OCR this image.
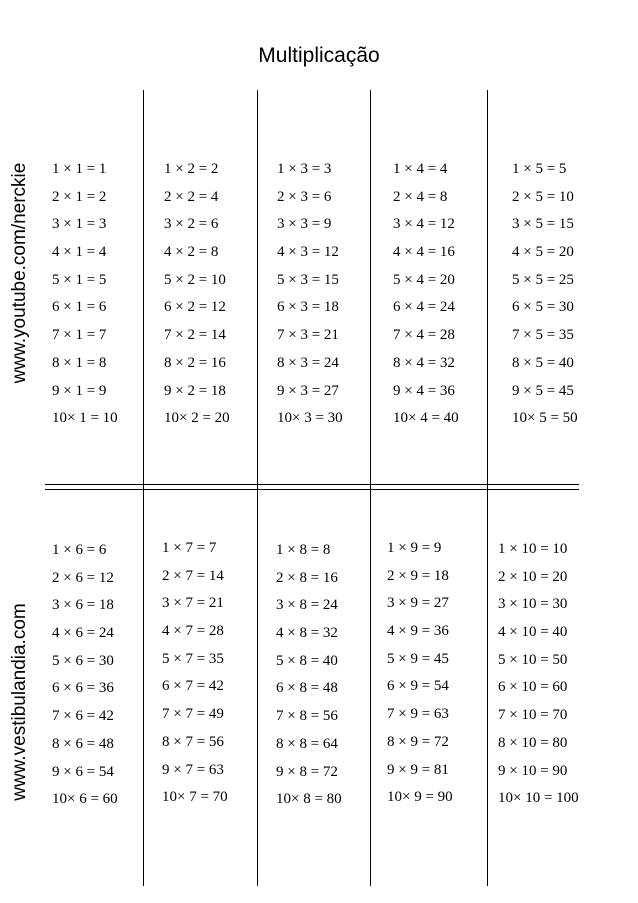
Multiplicação
www.youtube.com/nerckie
www.vestibulandia.com
1 × 1 = 1
2 × 1 = 2
3 × 1 = 3
4 × 1 = 4
5 × 1 = 5
6 × 1 = 6
7 × 1 = 7
8 × 1 = 8
9 × 1 = 9
10× 1 = 10
1 × 2 = 2
2 × 2 = 4
3 × 2 = 6
4 × 2 = 8
5 × 2 = 10
6 × 2 = 12
7 × 2 = 14
8 × 2 = 16
9 × 2 = 18
10× 2 = 20
1 × 3 = 3
2 × 3 = 6
3 × 3 = 9
4 × 3 = 12
5 × 3 = 15
6 × 3 = 18
7 × 3 = 21
8 × 3 = 24
9 × 3 = 27
10× 3 = 30
1 × 4 = 4
2 × 4 = 8
3 × 4 = 12
4 × 4 = 16
5 × 4 = 20
6 × 4 = 24
7 × 4 = 28
8 × 4 = 32
9 × 4 = 36
10× 4 = 40
1 × 5 = 5
2 × 5 = 10
3 × 5 = 15
4 × 5 = 20
5 × 5 = 25
6 × 5 = 30
7 × 5 = 35
8 × 5 = 40
9 × 5 = 45
10× 5 = 50
1 × 6 = 6
2 × 6 = 12
3 × 6 = 18
4 × 6 = 24
5 × 6 = 30
6 × 6 = 36
7 × 6 = 42
8 × 6 = 48
9 × 6 = 54
10× 6 = 60
1 × 7 = 7
2 × 7 = 14
3 × 7 = 21
4 × 7 = 28
5 × 7 = 35
6 × 7 = 42
7 × 7 = 49
8 × 7 = 56
9 × 7 = 63
10× 7 = 70
1 × 8 = 8
2 × 8 = 16
3 × 8 = 24
4 × 8 = 32
5 × 8 = 40
6 × 8 = 48
7 × 8 = 56
8 × 8 = 64
9 × 8 = 72
10× 8 = 80
1 × 9 = 9
2 × 9 = 18
3 × 9 = 27
4 × 9 = 36
5 × 9 = 45
6 × 9 = 54
7 × 9 = 63
8 × 9 = 72
9 × 9 = 81
10× 9 = 90
1 × 10 = 10
2 × 10 = 20
3 × 10 = 30
4 × 10 = 40
5 × 10 = 50
6 × 10 = 60
7 × 10 = 70
8 × 10 = 80
9 × 10 = 90
10× 10 = 100
